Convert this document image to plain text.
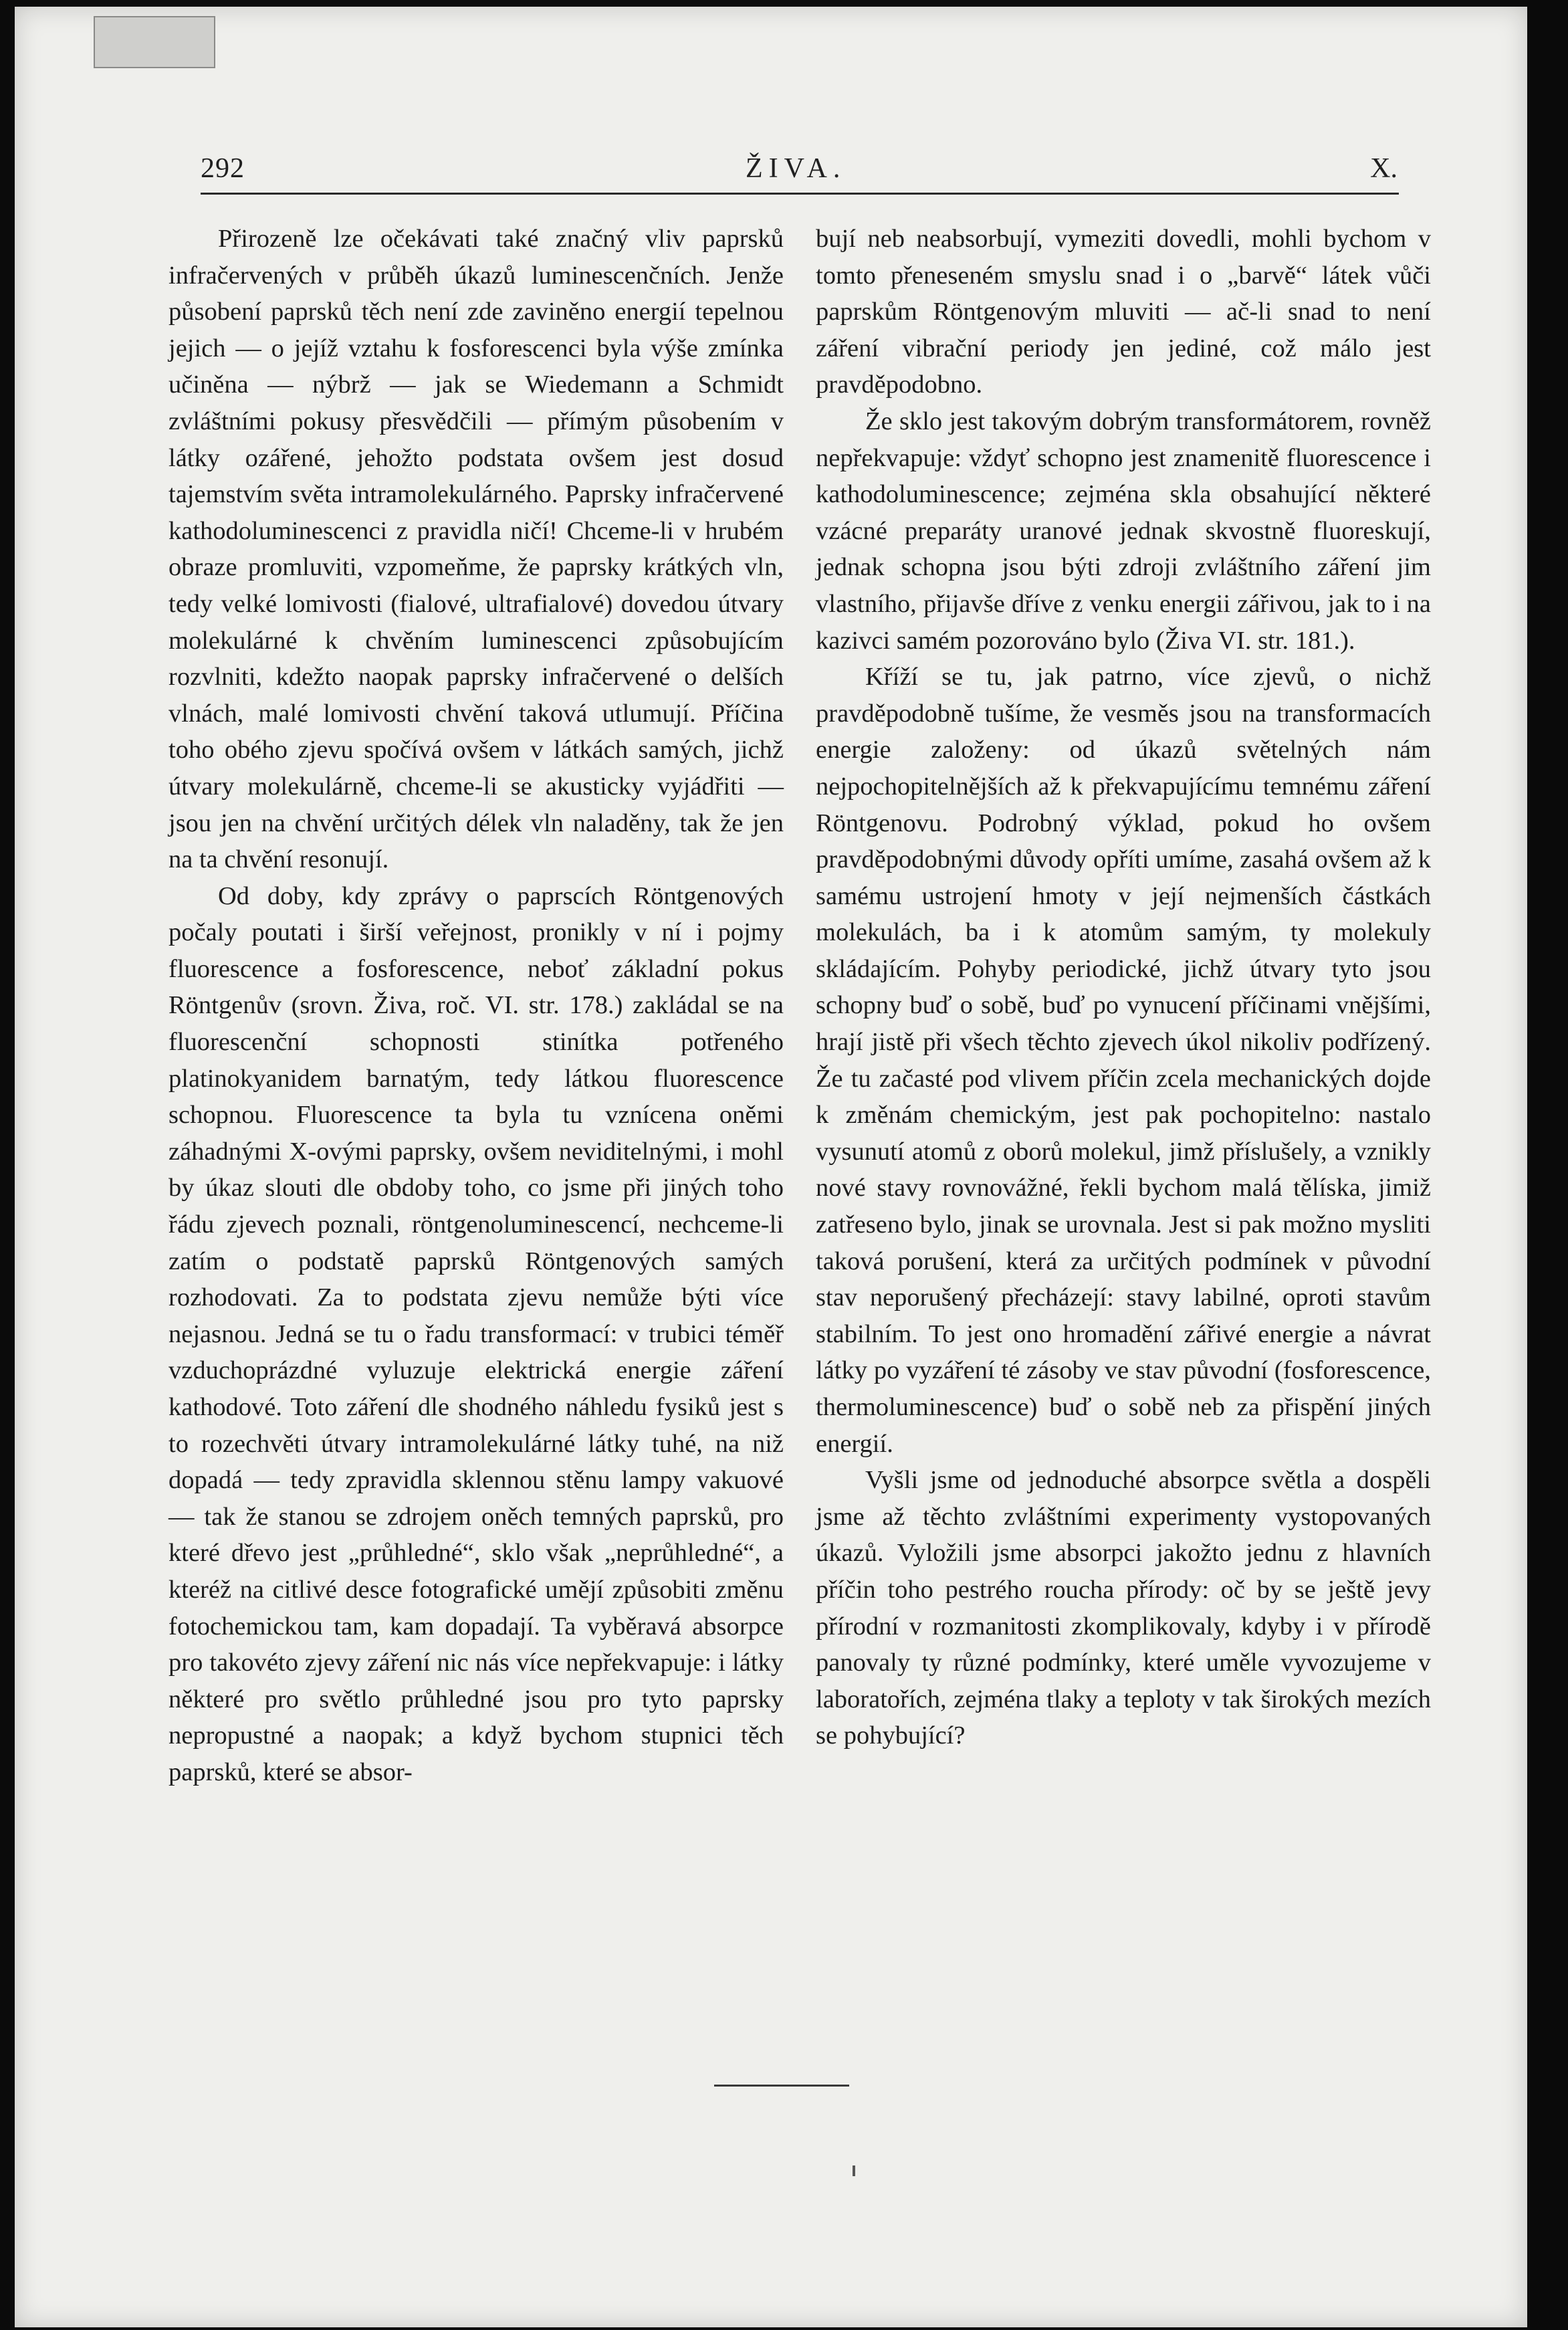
292	ŽIVA.	X.

Přirozeně lze očekávati také značný vliv paprsků infračervených v průběh úkazů luminescenčních. Jenže působení paprsků těch není zde zaviněno energií tepelnou jejich — o jejíž vztahu k fosforescenci byla výše zmínka učiněna — nýbrž — jak se Wiedemann a Schmidt zvláštními pokusy přesvědčili — přímým působením v látky ozářené, jehožto podstata ovšem jest dosud tajemstvím světa intramolekulárného. Paprsky infračervené kathodoluminescenci z pravidla ničí! Chceme-li v hrubém obraze promluviti, vzpomeňme, že paprsky krátkých vln, tedy velké lomivosti (fialové, ultrafialové) dovedou útvary molekulárné k chvěním luminescenci způsobujícím rozvlniti, kdežto naopak paprsky infračervené o delších vlnách, malé lomivosti chvění taková utlumují. Příčina toho obého zjevu spočívá ovšem v látkách samých, jichž útvary molekulárně, chceme-li se akusticky vyjádřiti — jsou jen na chvění určitých délek vln naladěny, tak že jen na ta chvění resonují.

Od doby, kdy zprávy o paprscích Röntgenových počaly poutati i širší veřejnost, pronikly v ní i pojmy fluorescence a fosforescence, neboť základní pokus Röntgenův (srovn. Živa, roč. VI. str. 178.) zakládal se na fluorescenční schopnosti stinítka potřeného platinokyanidem barnatým, tedy látkou fluorescence schopnou. Fluorescence ta byla tu vznícena oněmi záhadnými X-ovými paprsky, ovšem neviditelnými, i mohl by úkaz slouti dle obdoby toho, co jsme při jiných toho řádu zjevech poznali, röntgenoluminescencí, nechceme-li zatím o podstatě paprsků Röntgenových samých rozhodovati. Za to podstata zjevu nemůže býti více nejasnou. Jedná se tu o řadu transformací: v trubici téměř vzduchoprázdné vyluzuje elektrická energie záření kathodové. Toto záření dle shodného náhledu fysiků jest s to rozechvěti útvary intramolekulárné látky tuhé, na niž dopadá — tedy zpravidla sklennou stěnu lampy vakuové — tak že stanou se zdrojem oněch temných paprsků, pro které dřevo jest „průhledné“, sklo však „neprůhledné“, a kteréž na citlivé desce fotografické umějí způsobiti změnu fotochemickou tam, kam dopadají. Ta vyběravá absorpce pro takovéto zjevy záření nic nás více nepřekvapuje: i látky některé pro světlo průhledné jsou pro tyto paprsky nepropustné a naopak; a když bychom stupnici těch paprsků, které se absor-

bují neb neabsorbují, vymeziti dovedli, mohli bychom v tomto přeneseném smyslu snad i o „barvě“ látek vůči paprskům Röntgenovým mluviti — ač-li snad to není záření vibrační periody jen jediné, což málo jest pravděpodobno.

Že sklo jest takovým dobrým transformátorem, rovněž nepřekvapuje: vždyť schopno jest znamenitě fluorescence i kathodoluminescence; zejména skla obsahující některé vzácné preparáty uranové jednak skvostně fluoreskují, jednak schopna jsou býti zdroji zvláštního záření jim vlastního, přijavše dříve z venku energii zářivou, jak to i na kazivci samém pozorováno bylo (Živa VI. str. 181.).

Kříží se tu, jak patrno, více zjevů, o nichž pravděpodobně tušíme, že vesměs jsou na transformacích energie založeny: od úkazů světelných nám nejpochopitelnějších až k překvapujícímu temnému záření Röntgenovu. Podrobný výklad, pokud ho ovšem pravděpodobnými důvody opříti umíme, zasahá ovšem až k samému ustrojení hmoty v její nejmenších částkách molekulách, ba i k atomům samým, ty molekuly skládajícím. Pohyby periodické, jichž útvary tyto jsou schopny buď o sobě, buď po vynucení příčinami vnějšími, hrají jistě při všech těchto zjevech úkol nikoliv podřízený. Že tu začasté pod vlivem příčin zcela mechanických dojde k změnám chemickým, jest pak pochopitelno: nastalo vysunutí atomů z oborů molekul, jimž příslušely, a vznikly nové stavy rovnovážné, řekli bychom malá tělíska, jimiž zatřeseno bylo, jinak se urovnala. Jest si pak možno mysliti taková porušení, která za určitých podmínek v původní stav neporušený přecházejí: stavy labilné, oproti stavům stabilním. To jest ono hromadění zářivé energie a návrat látky po vyzáření té zásoby ve stav původní (fosforescence, thermoluminescence) buď o sobě neb za přispění jiných energií.

Vyšli jsme od jednoduché absorpce světla a dospěli jsme až těchto zvláštními experimenty vystopovaných úkazů. Vyložili jsme absorpci jakožto jednu z hlavních příčin toho pestrého roucha přírody: oč by se ještě jevy přírodní v rozmanitosti zkomplikovaly, kdyby i v přírodě panovaly ty různé podmínky, které uměle vyvozujeme v laboratořích, zejména tlaky a teploty v tak širokých mezích se pohybující?
